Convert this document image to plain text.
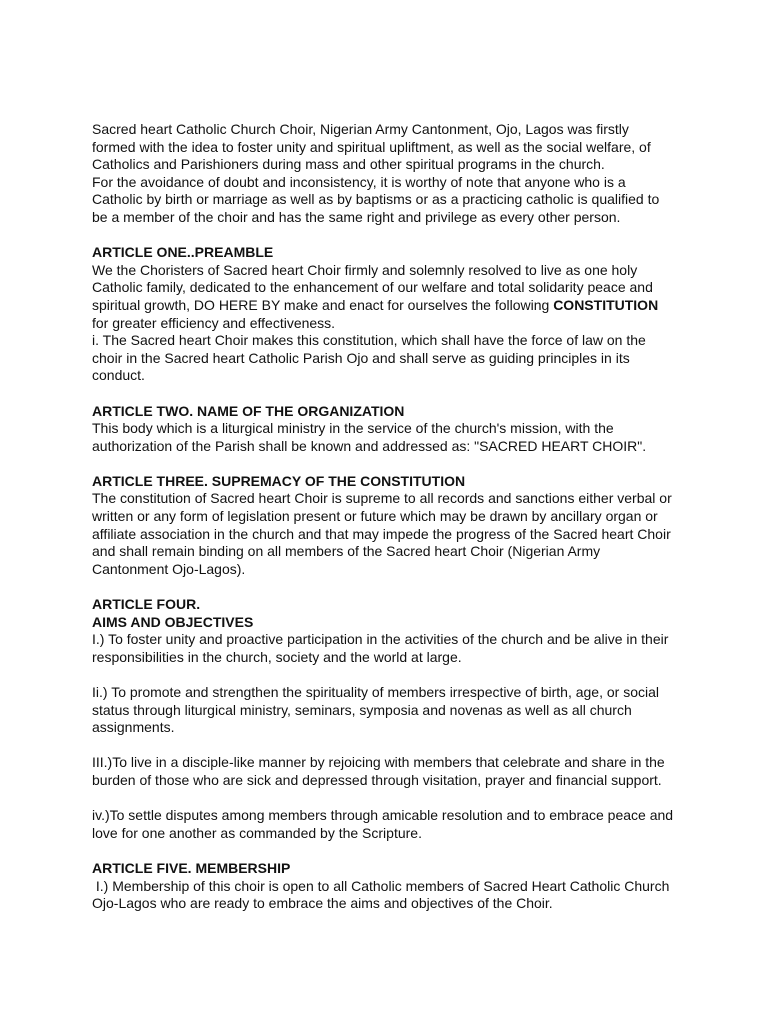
Sacred heart Catholic Church Choir, Nigerian Army Cantonment, Ojo, Lagos was firstly formed with the idea to foster unity and spiritual upliftment, as well as the social welfare, of Catholics and Parishioners during mass and other spiritual programs in the church.

For the avoidance of doubt and inconsistency, it is worthy of note that anyone who is a Catholic by birth or marriage as well as by baptisms or as a practicing catholic is qualified to be a member of the choir and has the same right and privilege as every other person.

ARTICLE ONE..PREAMBLE

We the Choristers of Sacred heart Choir firmly and solemnly resolved to live as one holy Catholic family, dedicated to the enhancement of our welfare and total solidarity peace and spiritual growth, DO HERE BY make and enact for ourselves the following CONSTITUTION for greater efficiency and effectiveness.

i. The Sacred heart Choir makes this constitution, which shall have the force of law on the choir in the Sacred heart Catholic Parish Ojo and shall serve as guiding principles in its conduct.

ARTICLE TWO. NAME OF THE ORGANIZATION

This body which is a liturgical ministry in the service of the church's mission, with the authorization of the Parish shall be known and addressed as: "SACRED HEART CHOIR".

ARTICLE THREE. SUPREMACY OF THE CONSTITUTION

The constitution of Sacred heart Choir is supreme to all records and sanctions either verbal or written or any form of legislation present or future which may be drawn by ancillary organ or affiliate association in the church and that may impede the progress of the Sacred heart Choir and shall remain binding on all members of the Sacred heart Choir (Nigerian Army Cantonment Ojo-Lagos).

ARTICLE FOUR.

AIMS AND OBJECTIVES

I.) To foster unity and proactive participation in the activities of the church and be alive in their responsibilities in the church, society and the world at large.

Ii.) To promote and strengthen the spirituality of members irrespective of birth, age, or social status through liturgical ministry, seminars, symposia and novenas as well as all church assignments.

III.)To live in a disciple-like manner by rejoicing with members that celebrate and share in the burden of those who are sick and depressed through visitation, prayer and financial support.

iv.)To settle disputes among members through amicable resolution and to embrace peace and love for one another as commanded by the Scripture.

ARTICLE FIVE. MEMBERSHIP

I.) Membership of this choir is open to all Catholic members of Sacred Heart Catholic Church Ojo-Lagos who are ready to embrace the aims and objectives of the Choir.
